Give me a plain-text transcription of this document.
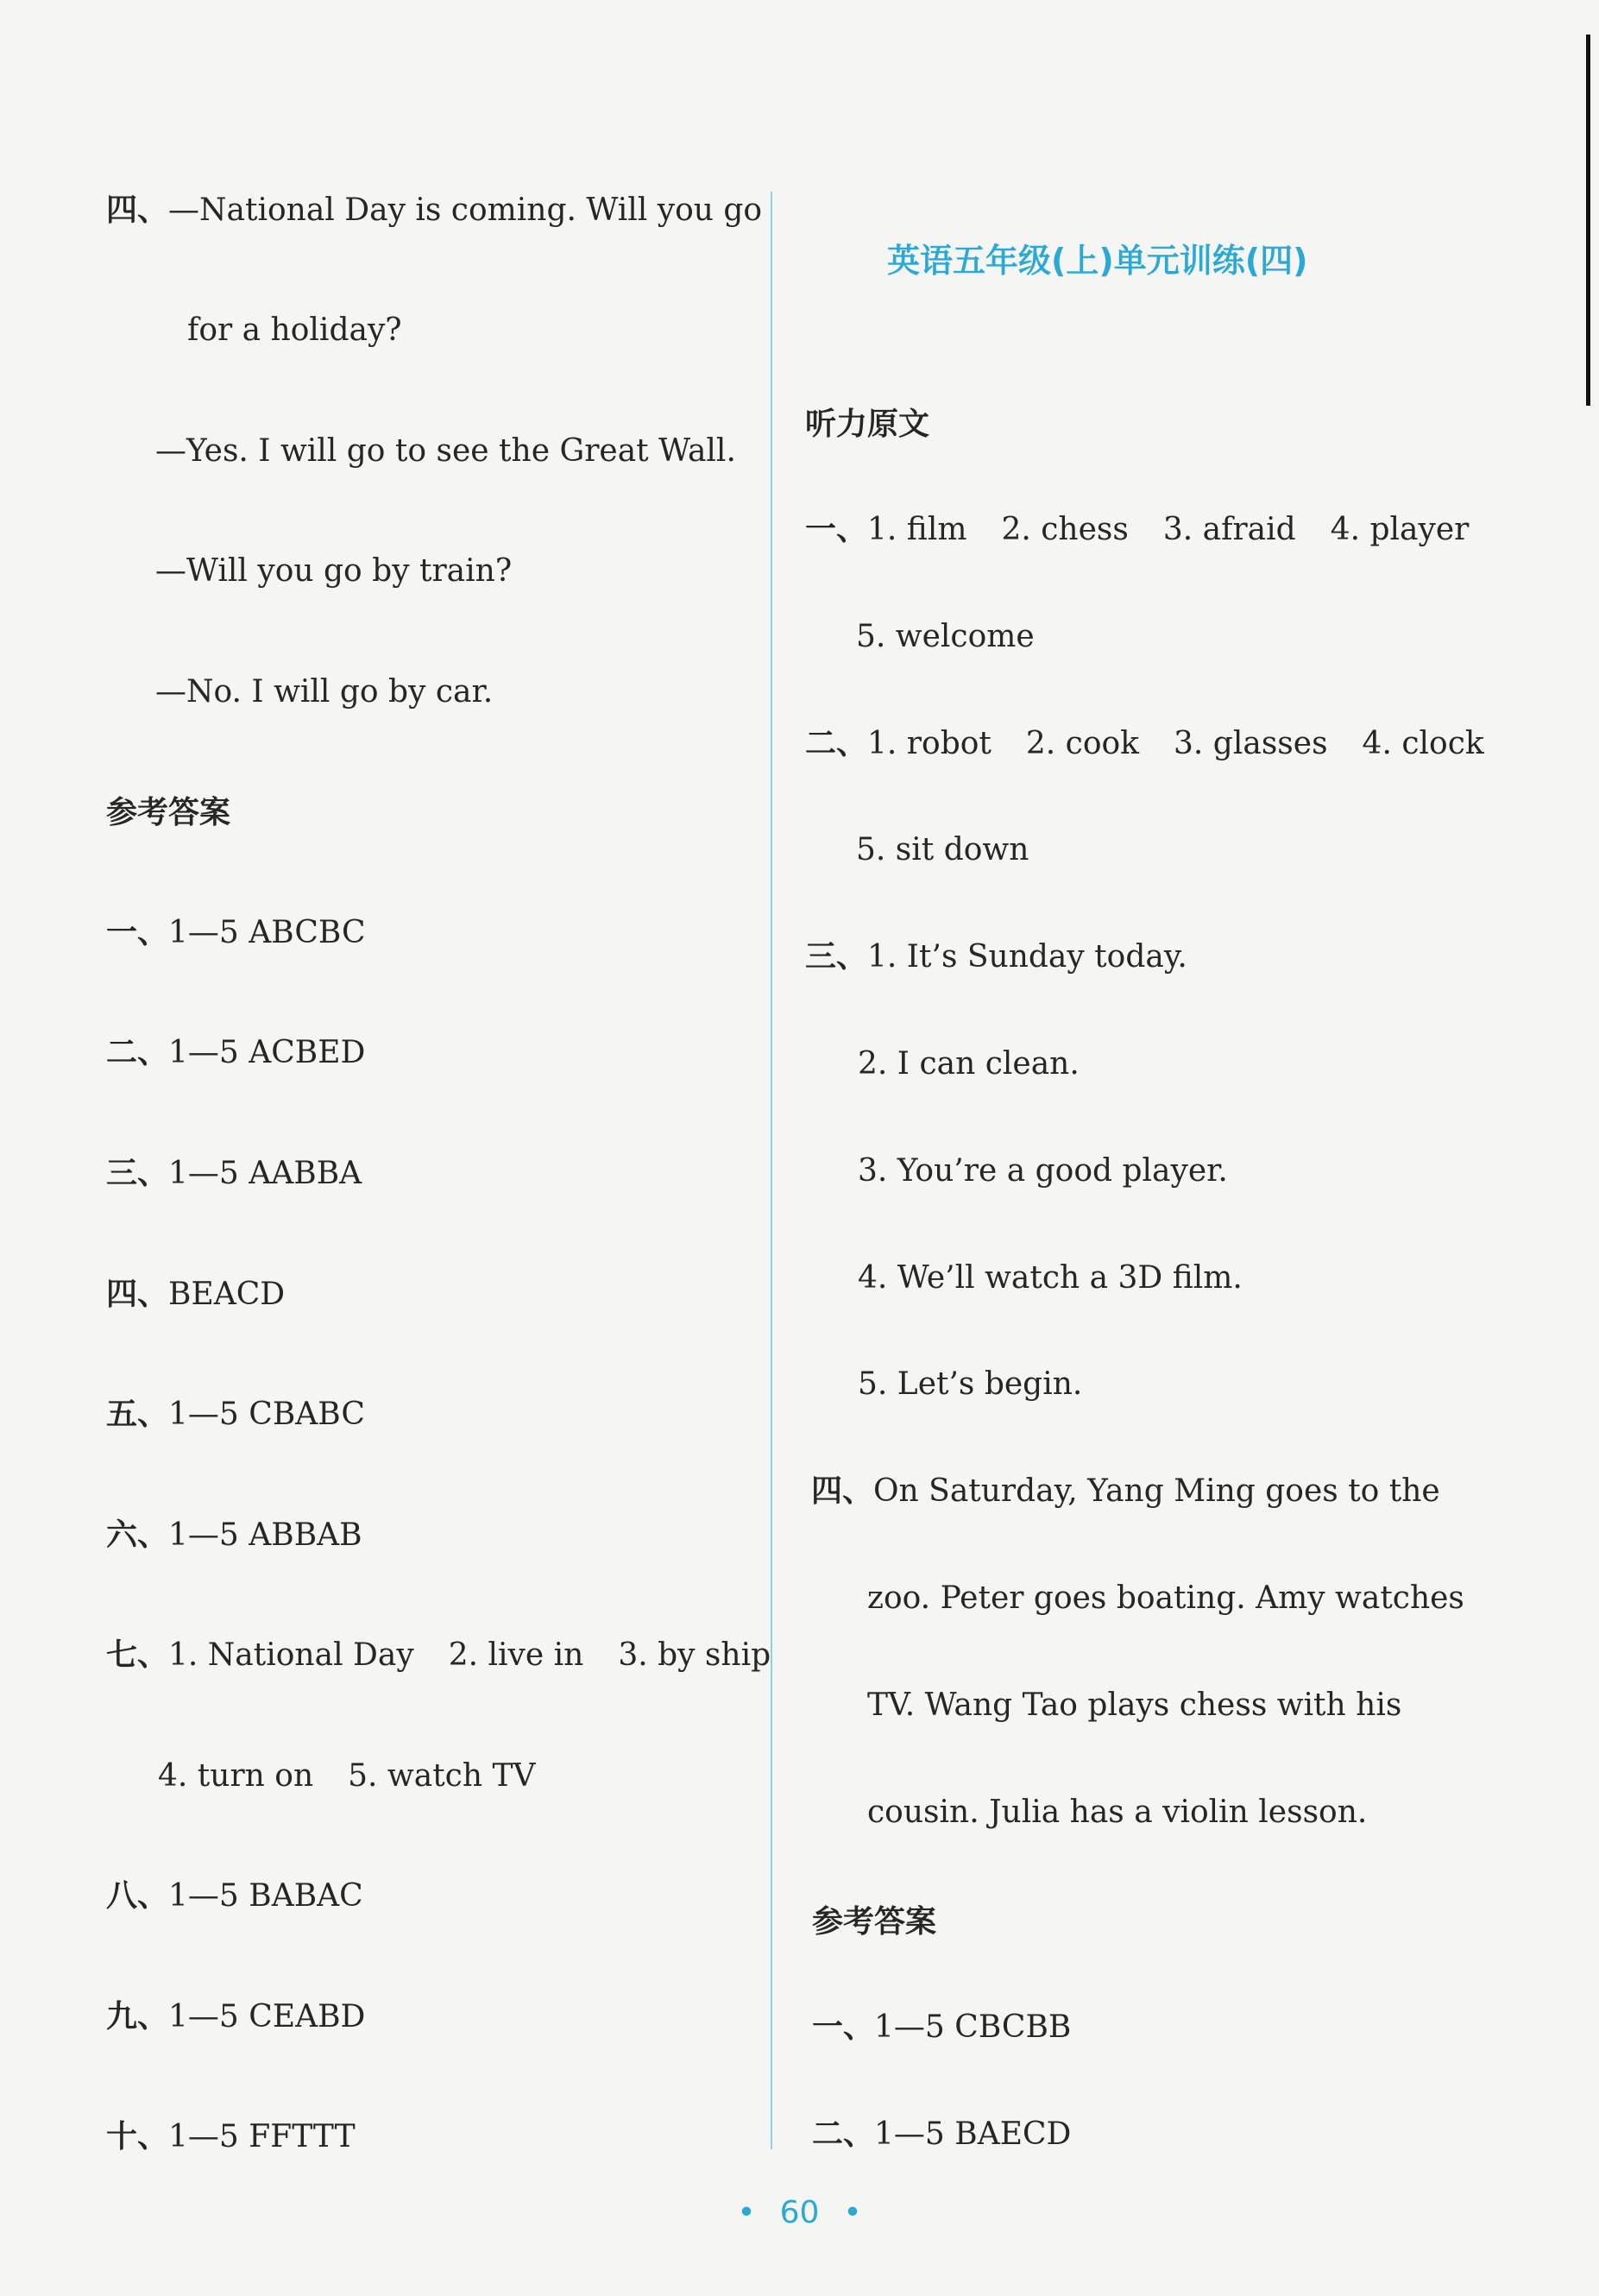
四、—National Day is coming. Will you go
for a holiday?
—Yes. I will go to see the Great Wall.
—Will you go by train?
—No. I will go by car.
参考答案
一、1—5 ABCBC
二、1—5 ACBED
三、1—5 AABBA
四、BEACD
五、1—5 CBABC
六、1—5 ABBAB
七、1. National Day 2. live in 3. by ship
4. turn on 5. watch TV
八、1—5 BABAC
九、1—5 CEABD
十、1—5 FFTTT
英语五年级(上)单元训练(四)
听力原文
一、1. film 2. chess 3. afraid 4. player
5. welcome
二、1. robot 2. cook 3. glasses 4. clock
5. sit down
三、1. It’s Sunday today.
2. I can clean.
3. You’re a good player.
4. We’ll watch a 3D film.
5. Let’s begin.
四、On Saturday, Yang Ming goes to the
zoo. Peter goes boating. Amy watches
TV. Wang Tao plays chess with his
cousin. Julia has a violin lesson.
参考答案
一、1—5 CBCBB
二、1—5 BAECD
• 60 •
